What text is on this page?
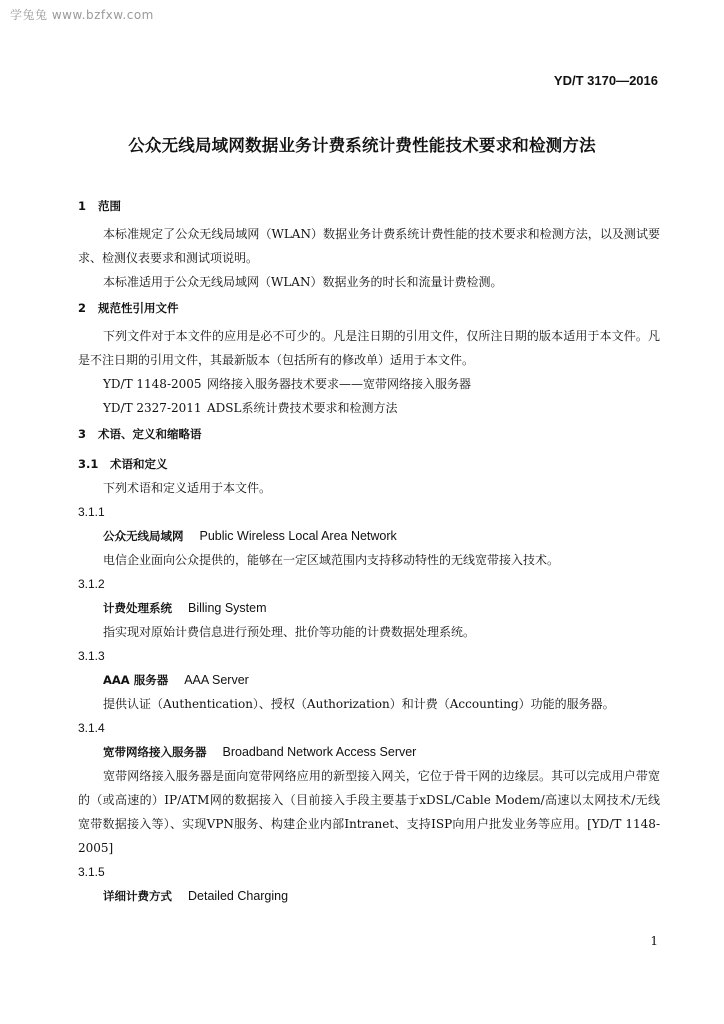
学兔兔 www.bzfxw.com
YD/T 3170—2016
公众无线局域网数据业务计费系统计费性能技术要求和检测方法
1 范围
本标准规定了公众无线局域网（WLAN）数据业务计费系统计费性能的技术要求和检测方法，以及测试要求、检测仪表要求和测试项说明。
本标准适用于公众无线局域网（WLAN）数据业务的时长和流量计费检测。
2 规范性引用文件
下列文件对于本文件的应用是必不可少的。凡是注日期的引用文件，仅所注日期的版本适用于本文件。凡是不注日期的引用文件，其最新版本（包括所有的修改单）适用于本文件。
YD/T 1148-2005 网络接入服务器技术要求——宽带网络接入服务器
YD/T 2327-2011 ADSL系统计费技术要求和检测方法
3 术语、定义和缩略语
3.1 术语和定义
下列术语和定义适用于本文件。
3.1.1
公众无线局域网 Public Wireless Local Area Network
电信企业面向公众提供的，能够在一定区域范围内支持移动特性的无线宽带接入技术。
3.1.2
计费处理系统 Billing System
指实现对原始计费信息进行预处理、批价等功能的计费数据处理系统。
3.1.3
AAA 服务器 AAA Server
提供认证（Authentication）、授权（Authorization）和计费（Accounting）功能的服务器。
3.1.4
宽带网络接入服务器 Broadband Network Access Server
宽带网络接入服务器是面向宽带网络应用的新型接入网关，它位于骨干网的边缘层。其可以完成用户带宽的（或高速的）IP/ATM网的数据接入（目前接入手段主要基于xDSL/Cable Modem/高速以太网技术/无线宽带数据接入等）、实现VPN服务、构建企业内部Intranet、支持ISP向用户批发业务等应用。[YD/T 1148-2005]
3.1.5
详细计费方式 Detailed Charging
1
